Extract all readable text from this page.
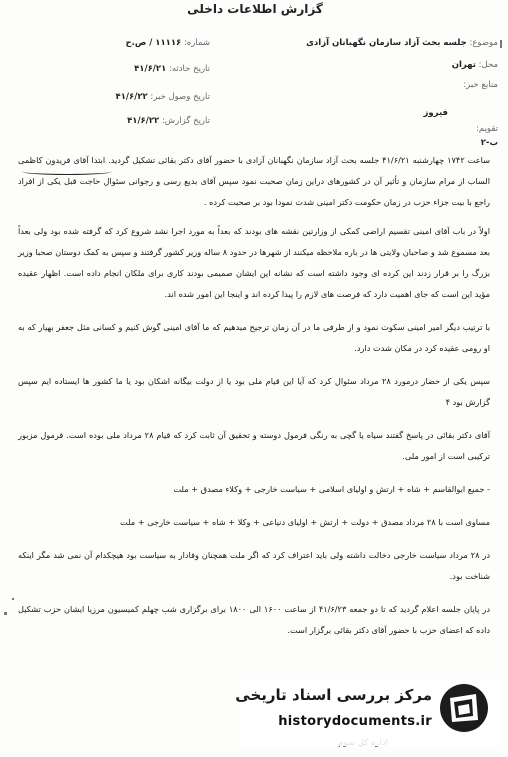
گزارش اطلاعات داخلی
موضوع: جلسه بحث آزاد سازمان نگهبانان آزادی
محل: تهران
منابع خبر:
فیروز
تقویم:
ب-۲
شماره: ۱۱۱۱۶ / ص.ح
تاریخ حادثه: ۴۱/۶/۲۱
تاریخ وصول خبر: ۴۱/۶/۲۲
تاریخ گزارش: ۴۱/۶/۲۲

ساعت ۱۷۴۲ چهارشنبه ۴۱/۶/۲۱ جلسه بحث آزاد سازمان نگهبانان آزادی با حضور آقای دکتر بقائی تشکیل گردید. ابتدا آقای فریدون کاظمی الساب از مرام سازمان و تأثیر آن در کشورهای دراین زمان صحبت نمود سپس آقای بدیع رسی و رجوانی سئوال حاجت قبل یکی از افراد راجع با بیت جزاء حزب در زمان حکومت دکتر امینی شدت نمودا بود بر صحبت کرده .

اولاً در باب آقای امینی تقسیم اراضی کمکی از وزارتین نقشه های بودند که بعداً به مورد اجرا نشد شروع کرد که گرفته شده بود ولی بعداً بعد مسموع شد و صاحبان ولایتی ها در باره ملاحظه میکنند از شهرها در حدود ۸ ساله وزیر کشور گرفتند و سپس به کمک دوستان صحبا وزیر بزرگ را بر قرار زدند این کرده ای وجود داشته است که نشانه این ایشان صمیمی بودند کاری برای ملکان انجام داده است. اظهار عقیده مؤید این است که جای اهمیت دارد که فرصت های لازم را پیدا کرده اند و اینجا این امور شده اند.

با ترتیب دیگر امیر امینی سکوت نمود و از طرفی ما در آن زمان ترجیح میدهیم که ما آقای امینی گوش کنیم و کسانی مثل جعفر بهیار که به او رومی عقیده کرد در مکان شدت دارد.

سپس یکی از حضار درمورد ۲۸ مرداد سئوال کرد که آیا این قیام ملی بود یا از دولت بیگانه اشکان بود یا ما کشور ها ایستاده ایم سپس گزارش بود ۴

آقای دکتر بقائی در پاسخ گفتند سیاه یا گچی به رنگی فرمول دوسته و تحقیق آن ثابت کرد که قیام ۲۸ مرداد ملی بوده است. فرمول مزبور ترکیبی است از امور ملی.

- جمیع ابوالقاسم + شاه + ارتش و اولیای اسلامی + سیاست خارجی + وکلاء مصدق + ملت

مساوی است با ۲۸ مرداد مصدق + دولت + ارتش + اولیای دنیاعی + وکلا + شاه + سیاست خارجی + ملت

در ۲۸ مرداد سیاست خارجی دخالت داشته ولی باید اعتراف کرد که اگر ملت همچنان وفادار به سیاست بود هیچکدام آن نمی شد مگر اینکه شناخت بود.

در پایان جلسه اعلام گردید که تا دو جمعه ۴۱/۶/۲۳ از ساعت ۱۶۰۰ الی ۱۸۰۰ برای برگزاری شب چهلم کمیسیون مرزیا ایشان حزب تشکیل داده که اعضای حزب با حضور آقای دکتر بقائی برگزار است.

مرکز بررسی اسناد تاریخی
historydocuments.ir
